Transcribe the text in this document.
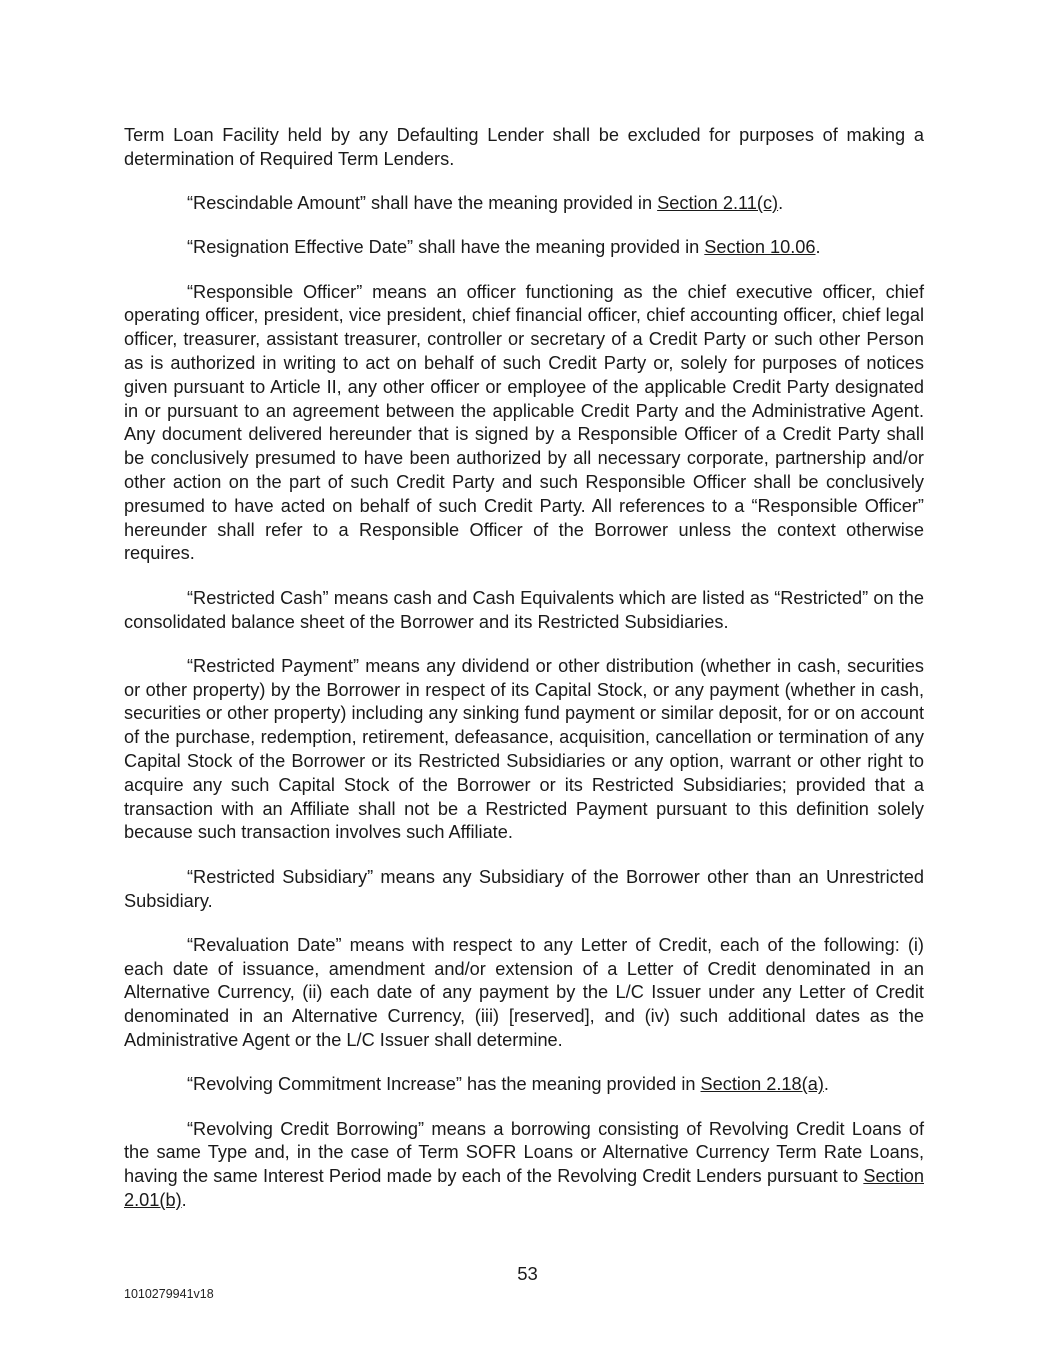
Term Loan Facility held by any Defaulting Lender shall be excluded for purposes of making a determination of Required Term Lenders.

“Rescindable Amount” shall have the meaning provided in Section 2.11(c).

“Resignation Effective Date” shall have the meaning provided in Section 10.06.

“Responsible Officer” means an officer functioning as the chief executive officer, chief operating officer, president, vice president, chief financial officer, chief accounting officer, chief legal officer, treasurer, assistant treasurer, controller or secretary of a Credit Party or such other Person as is authorized in writing to act on behalf of such Credit Party or, solely for purposes of notices given pursuant to Article II, any other officer or employee of the applicable Credit Party designated in or pursuant to an agreement between the applicable Credit Party and the Administrative Agent. Any document delivered hereunder that is signed by a Responsible Officer of a Credit Party shall be conclusively presumed to have been authorized by all necessary corporate, partnership and/or other action on the part of such Credit Party and such Responsible Officer shall be conclusively presumed to have acted on behalf of such Credit Party. All references to a “Responsible Officer” hereunder shall refer to a Responsible Officer of the Borrower unless the context otherwise requires.

“Restricted Cash” means cash and Cash Equivalents which are listed as “Restricted” on the consolidated balance sheet of the Borrower and its Restricted Subsidiaries.

“Restricted Payment” means any dividend or other distribution (whether in cash, securities or other property) by the Borrower in respect of its Capital Stock, or any payment (whether in cash, securities or other property) including any sinking fund payment or similar deposit, for or on account of the purchase, redemption, retirement, defeasance, acquisition, cancellation or termination of any Capital Stock of the Borrower or its Restricted Subsidiaries or any option, warrant or other right to acquire any such Capital Stock of the Borrower or its Restricted Subsidiaries; provided that a transaction with an Affiliate shall not be a Restricted Payment pursuant to this definition solely because such transaction involves such Affiliate.

“Restricted Subsidiary” means any Subsidiary of the Borrower other than an Unrestricted Subsidiary.

“Revaluation Date” means with respect to any Letter of Credit, each of the following: (i) each date of issuance, amendment and/or extension of a Letter of Credit denominated in an Alternative Currency, (ii) each date of any payment by the L/C Issuer under any Letter of Credit denominated in an Alternative Currency, (iii) [reserved], and (iv) such additional dates as the Administrative Agent or the L/C Issuer shall determine.

“Revolving Commitment Increase” has the meaning provided in Section 2.18(a).

“Revolving Credit Borrowing” means a borrowing consisting of Revolving Credit Loans of the same Type and, in the case of Term SOFR Loans or Alternative Currency Term Rate Loans, having the same Interest Period made by each of the Revolving Credit Lenders pursuant to Section 2.01(b).

53
1010279941v18
